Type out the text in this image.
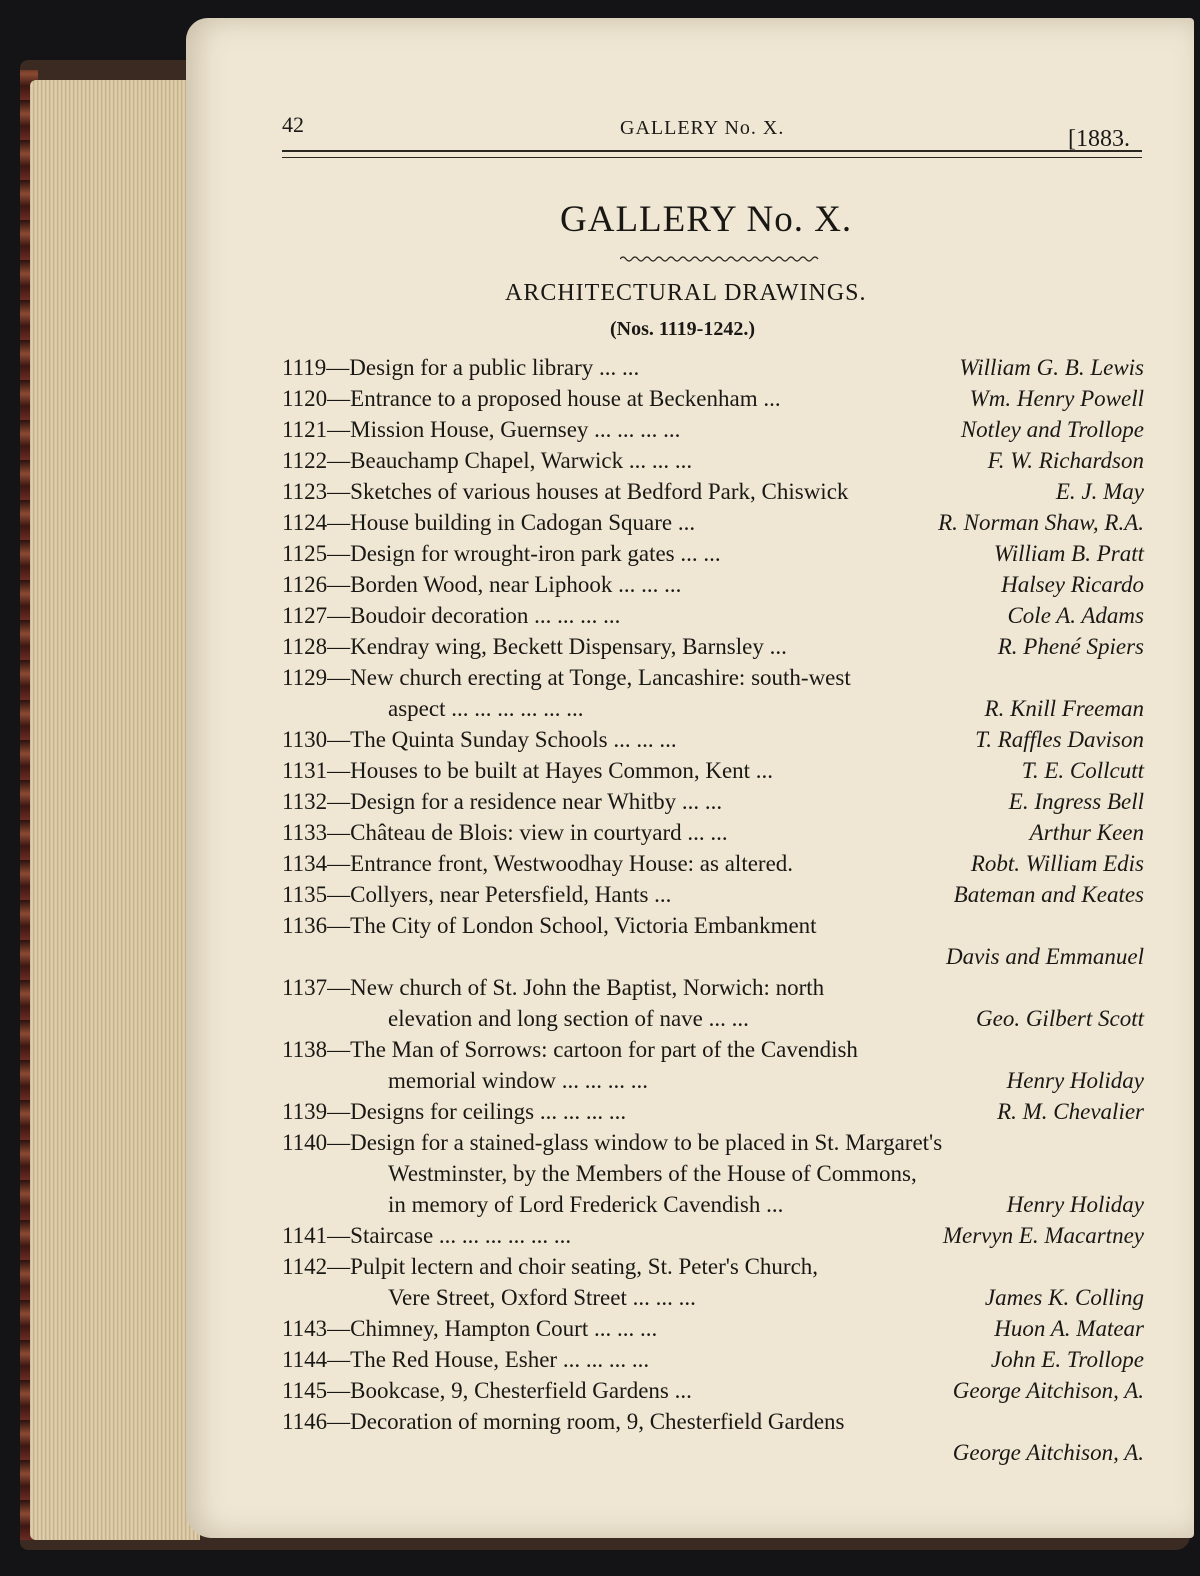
42	GALLERY No. X.	[1883.
GALLERY No. X.
ARCHITECTURAL DRAWINGS.
(Nos. 1119-1242.)
1119—Design for a public library ... ...	William G. B. Lewis
1120—Entrance to a proposed house at Beckenham ...	Wm. Henry Powell
1121—Mission House, Guernsey ... ... ... ...	Notley and Trollope
1122—Beauchamp Chapel, Warwick ... ... ...	F. W. Richardson
1123—Sketches of various houses at Bedford Park, Chiswick	E. J. May
1124—House building in Cadogan Square ...	R. Norman Shaw, R.A.
1125—Design for wrought-iron park gates ... ...	William B. Pratt
1126—Borden Wood, near Liphook ... ... ...	Halsey Ricardo
1127—Boudoir decoration ... ... ... ...	Cole A. Adams
1128—Kendray wing, Beckett Dispensary, Barnsley ...	R. Phené Spiers
1129—New church erecting at Tonge, Lancashire: south-west
aspect ... ... ... ... ... ...	R. Knill Freeman
1130—The Quinta Sunday Schools ... ... ...	T. Raffles Davison
1131—Houses to be built at Hayes Common, Kent ...	T. E. Collcutt
1132—Design for a residence near Whitby ... ...	E. Ingress Bell
1133—Château de Blois: view in courtyard ... ...	Arthur Keen
1134—Entrance front, Westwoodhay House: as altered.	Robt. William Edis
1135—Collyers, near Petersfield, Hants ...	Bateman and Keates
1136—The City of London School, Victoria Embankment
Davis and Emmanuel
1137—New church of St. John the Baptist, Norwich: north
elevation and long section of nave ... ...	Geo. Gilbert Scott
1138—The Man of Sorrows: cartoon for part of the Cavendish
memorial window ... ... ... ...	Henry Holiday
1139—Designs for ceilings ... ... ... ...	R. M. Chevalier
1140—Design for a stained-glass window to be placed in St. Margaret's
Westminster, by the Members of the House of Commons,
in memory of Lord Frederick Cavendish ...	Henry Holiday
1141—Staircase ... ... ... ... ... ...	Mervyn E. Macartney
1142—Pulpit lectern and choir seating, St. Peter's Church,
Vere Street, Oxford Street ... ... ...	James K. Colling
1143—Chimney, Hampton Court ... ... ...	Huon A. Matear
1144—The Red House, Esher ... ... ... ...	John E. Trollope
1145—Bookcase, 9, Chesterfield Gardens ...	George Aitchison, A.
1146—Decoration of morning room, 9, Chesterfield Gardens
George Aitchison, A.
